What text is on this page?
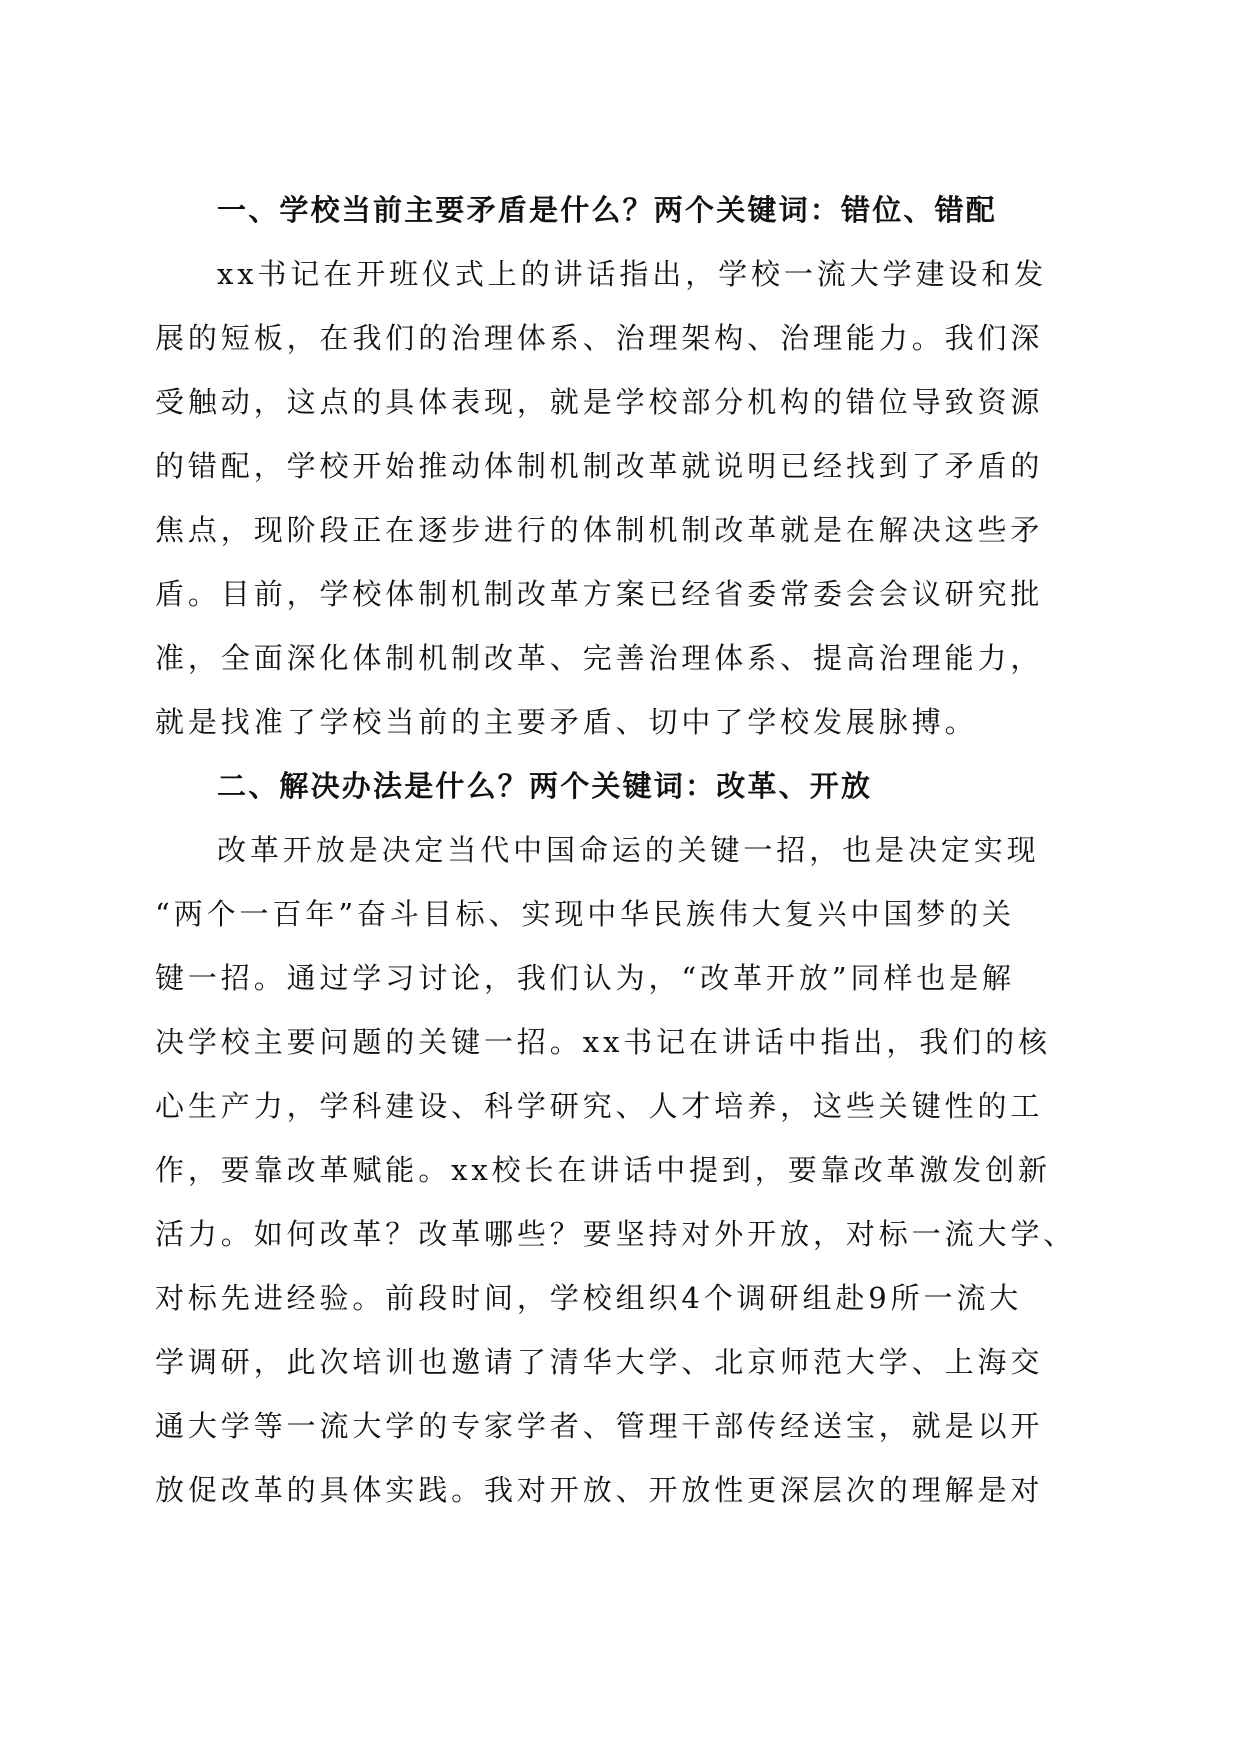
一、学校当前主要矛盾是什么？两个关键词：错位、错配
xx书记在开班仪式上的讲话指出，学校一流大学建设和发
展的短板，在我们的治理体系、治理架构、治理能力。我们深
受触动，这点的具体表现，就是学校部分机构的错位导致资源
的错配，学校开始推动体制机制改革就说明已经找到了矛盾的
焦点，现阶段正在逐步进行的体制机制改革就是在解决这些矛
盾。目前，学校体制机制改革方案已经省委常委会会议研究批
准，全面深化体制机制改革、完善治理体系、提高治理能力，
就是找准了学校当前的主要矛盾、切中了学校发展脉搏。
二、解决办法是什么？两个关键词：改革、开放
改革开放是决定当代中国命运的关键一招，也是决定实现
“两个一百年”奋斗目标、实现中华民族伟大复兴中国梦的关
键一招。通过学习讨论，我们认为，“改革开放”同样也是解
决学校主要问题的关键一招。xx书记在讲话中指出，我们的核
心生产力，学科建设、科学研究、人才培养，这些关键性的工
作，要靠改革赋能。xx校长在讲话中提到，要靠改革激发创新
活力。如何改革？改革哪些？要坚持对外开放，对标一流大学、
对标先进经验。前段时间，学校组织4个调研组赴9所一流大
学调研，此次培训也邀请了清华大学、北京师范大学、上海交
通大学等一流大学的专家学者、管理干部传经送宝，就是以开
放促改革的具体实践。我对开放、开放性更深层次的理解是对
